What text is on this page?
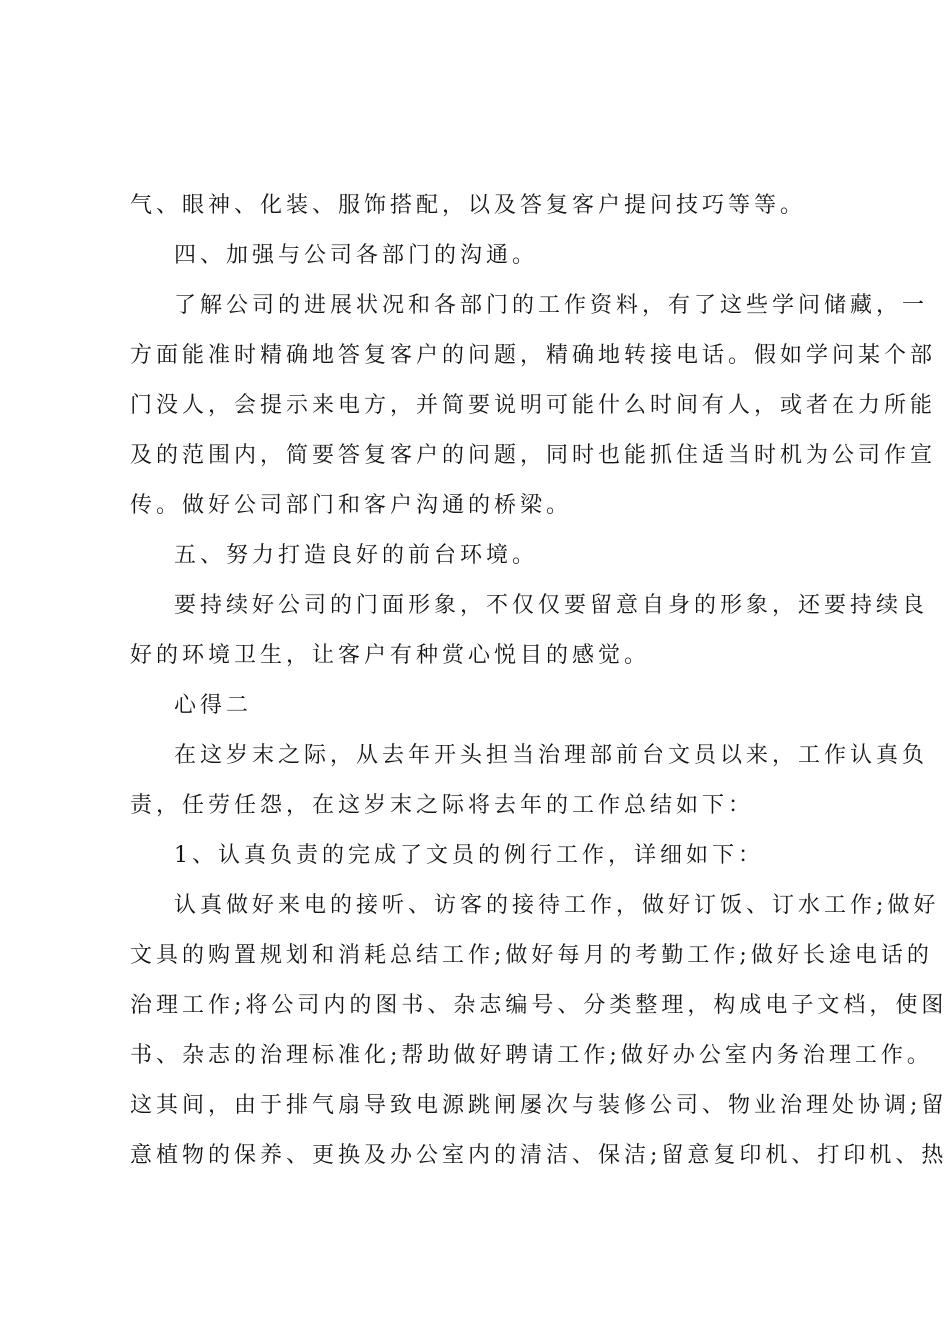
气、眼神、化装、服饰搭配，以及答复客户提问技巧等等。
四、加强与公司各部门的沟通。
了解公司的进展状况和各部门的工作资料，有了这些学问储藏，一
方面能准时精确地答复客户的问题，精确地转接电话。假如学问某个部
门没人，会提示来电方，并简要说明可能什么时间有人，或者在力所能
及的范围内，简要答复客户的问题，同时也能抓住适当时机为公司作宣
传。做好公司部门和客户沟通的桥梁。
五、努力打造良好的前台环境。
要持续好公司的门面形象，不仅仅要留意自身的形象，还要持续良
好的环境卫生，让客户有种赏心悦目的感觉。
心得二
在这岁末之际，从去年开头担当治理部前台文员以来，工作认真负
责，任劳任怨，在这岁末之际将去年的工作总结如下：
1、认真负责的完成了文员的例行工作，详细如下：
认真做好来电的接听、访客的接待工作，做好订饭、订水工作;做好
文具的购置规划和消耗总结工作;做好每月的考勤工作;做好长途电话的
治理工作;将公司内的图书、杂志编号、分类整理，构成电子文档，使图
书、杂志的治理标准化;帮助做好聘请工作;做好办公室内务治理工作。
这其间，由于排气扇导致电源跳闸屡次与装修公司、物业治理处协调;留
意植物的保养、更换及办公室内的清洁、保洁;留意复印机、打印机、热
